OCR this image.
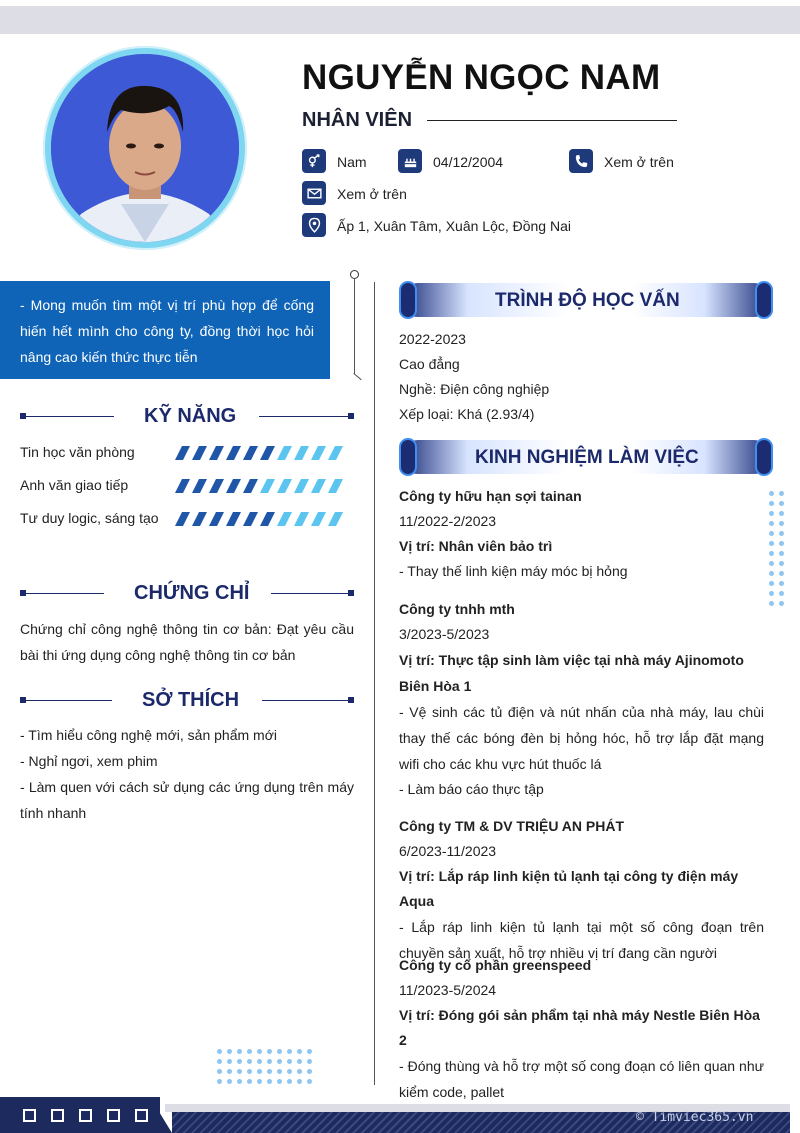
NGUYỄN NGỌC NAM
NHÂN VIÊN
Nam	04/12/2004	Xem ở trên
Xem ở trên
Ấp 1, Xuân Tâm, Xuân Lộc, Đồng Nai
- Mong muốn tìm một vị trí phù hợp để cống hiến hết mình cho công ty, đồng thời học hỏi nâng cao kiến thức thực tiễn
KỸ NĂNG
Tin học văn phòng
Anh văn giao tiếp
Tư duy logic, sáng tạo
CHỨNG CHỈ
Chứng chỉ công nghệ thông tin cơ bản: Đạt yêu cầu bài thi ứng dụng công nghệ thông tin cơ bản
SỞ THÍCH
- Tìm hiểu công nghệ mới, sản phẩm mới
- Nghỉ ngơi, xem phim
- Làm quen với cách sử dụng các ứng dụng trên máy tính nhanh
TRÌNH ĐỘ HỌC VẤN
2022-2023
Cao đẳng
Nghề: Điện công nghiệp
Xếp loại: Khá (2.93/4)
KINH NGHIỆM LÀM VIỆC
Công ty hữu hạn sợi tainan
11/2022-2/2023
Vị trí: Nhân viên bảo trì
- Thay thế linh kiện máy móc bị hỏng
Công ty tnhh mth
3/2023-5/2023
Vị trí: Thực tập sinh làm việc tại nhà máy Ajinomoto Biên Hòa 1
- Vệ sinh các tủ điện và nút nhấn của nhà máy, lau chùi thay thế các bóng đèn bị hỏng hóc, hỗ trợ lắp đặt mạng wifi cho các khu vực hút thuốc lá
- Làm báo cáo thực tập
Công ty TM & DV TRIỆU AN PHÁT
6/2023-11/2023
Vị trí: Lắp ráp linh kiện tủ lạnh tại công ty điện máy Aqua
- Lắp ráp linh kiện tủ lạnh tại một số công đoạn trên chuyền sản xuất, hỗ trợ nhiều vị trí đang cần người
Công ty cổ phần greenspeed
11/2023-5/2024
Vị trí: Đóng gói sản phẩm tại nhà máy Nestle Biên Hòa 2
- Đóng thùng và hỗ trợ một số cong đoạn có liên quan như kiểm code, pallet
© Timviec365.vn
